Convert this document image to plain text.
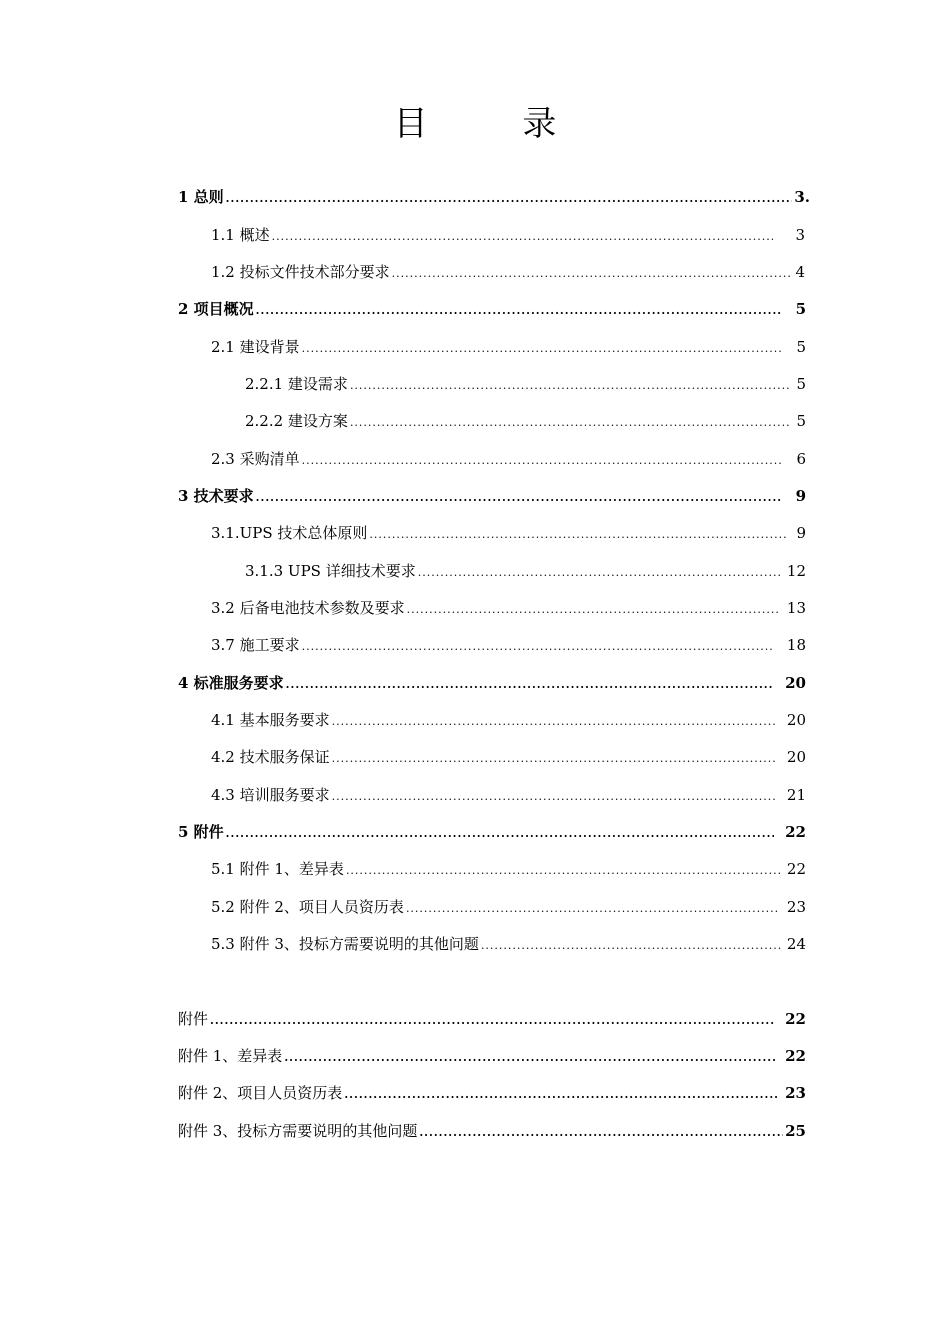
目 录
1 总则 .....	3.
1.1 概述 .....	3
1.2 投标文件技术部分要求 .....	4
2 项目概况 .....	5
2.1 建设背景 .....	5
2.2.1 建设需求 .....	5
2.2.2 建设方案 .....	5
2.3 采购清单 .....	6
3 技术要求 .....	9
3.1.UPS 技术总体原则 .....	9
3.1.3 UPS 详细技术要求 .....	12
3.2 后备电池技术参数及要求 .....	13
3.7 施工要求 .....	18
4 标准服务要求 .....	20
4.1 基本服务要求 .....	20
4.2 技术服务保证 .....	20
4.3 培训服务要求 .....	21
5 附件 .....	22
5.1 附件 1、差异表 .....	22
5.2 附件 2、项目人员资历表 .....	23
5.3 附件 3、投标方需要说明的其他问题 .....	24
附件 .....	22
附件 1、差异表 .....	22
附件 2、项目人员资历表 .....	23
附件 3、投标方需要说明的其他问题 .....	25
